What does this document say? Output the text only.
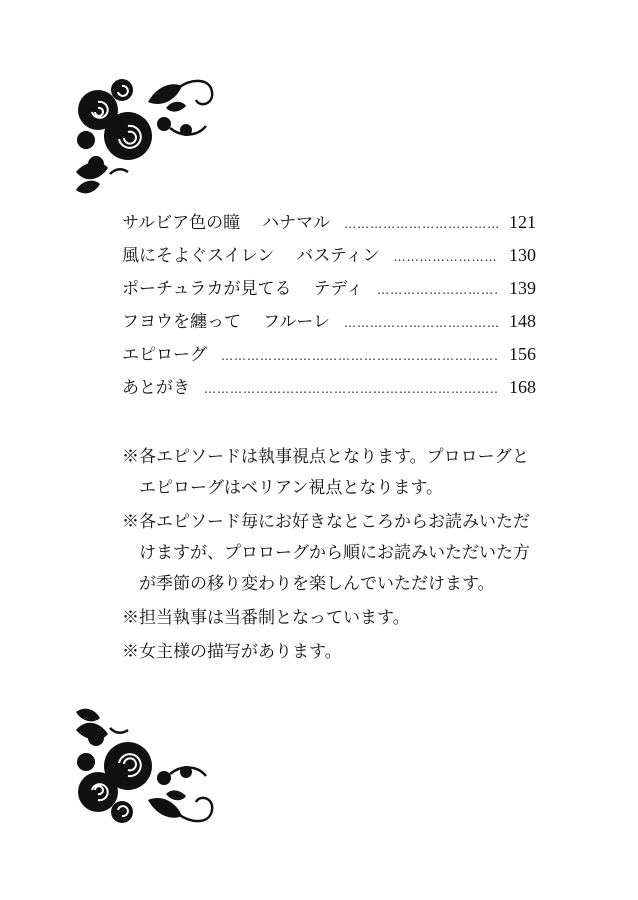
サルビア色の瞳 ハナマル ……………………………………………………………………………………	121
風にそよぐスイレン バスティン ……………………………………………………………………………………	130
ポーチュラカが見てる テディ ……………………………………………………………………………………	139
フヨウを纏って フルーレ ……………………………………………………………………………………	148
エピローグ ……………………………………………………………………………………	156
あとがき ……………………………………………………………………………………	168

※各エピソードは執事視点となります。プロローグとエピローグはベリアン視点となります。

※各エピソード毎にお好きなところからお読みいただけますが、プロローグから順にお読みいただいた方が季節の移り変わりを楽しんでいただけます。

※担当執事は当番制となっています。

※女主様の描写があります。
